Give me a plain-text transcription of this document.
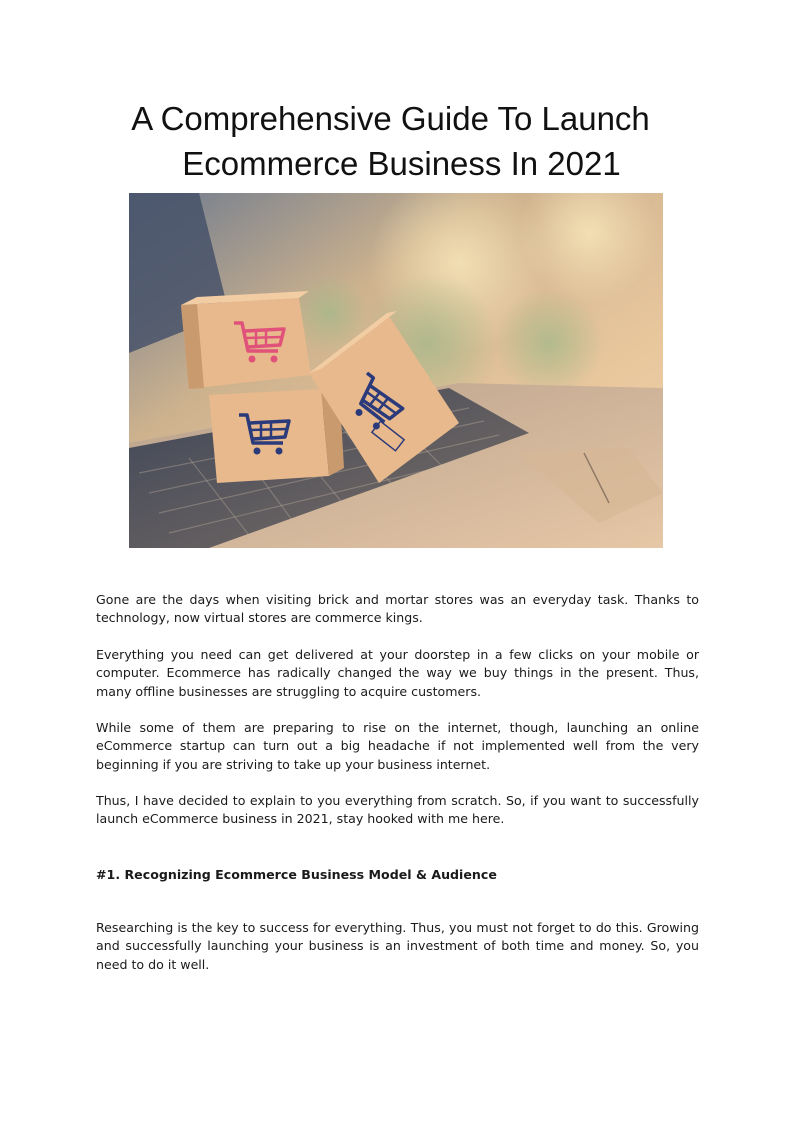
A Comprehensive Guide To Launch
Ecommerce Business In 2021

Gone are the days when visiting brick and mortar stores was an everyday task. Thanks to technology, now virtual stores are commerce kings.

Everything you need can get delivered at your doorstep in a few clicks on your mobile or computer. Ecommerce has radically changed the way we buy things in the present. Thus, many offline businesses are struggling to acquire customers.

While some of them are preparing to rise on the internet, though, launching an online eCommerce startup can turn out a big headache if not implemented well from the very beginning if you are striving to take up your business internet.

Thus, I have decided to explain to you everything from scratch. So, if you want to successfully launch eCommerce business in 2021, stay hooked with me here.

#1. Recognizing Ecommerce Business Model & Audience

Researching is the key to success for everything. Thus, you must not forget to do this. Growing and successfully launching your business is an investment of both time and money. So, you need to do it well.
